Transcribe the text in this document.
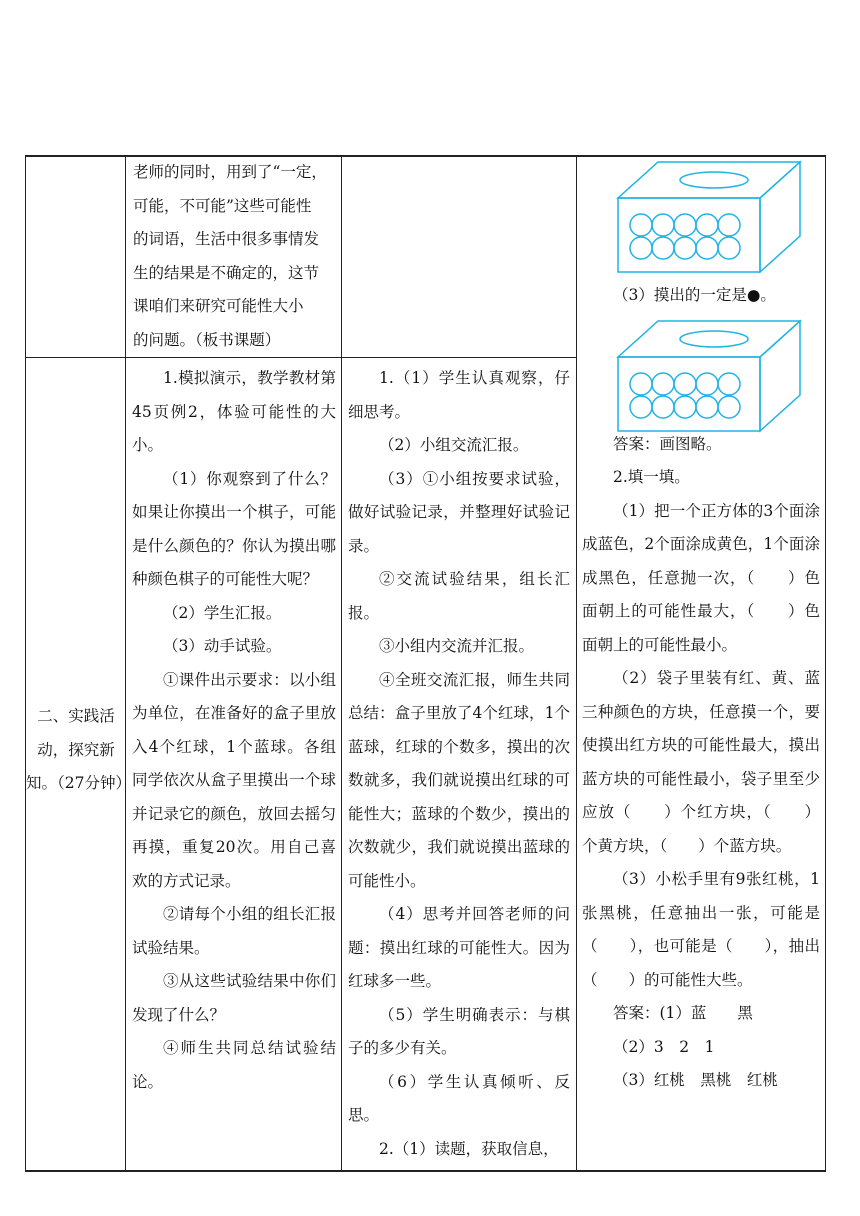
老师的同时，用到了“一定，

可能，不可能”这些可能性

的词语，生活中很多事情发

生的结果是不确定的，这节

课咱们来研究可能性大小

的问题。（板书课题）

二、实践活动，探究新知。（27分钟）

1.模拟演示，教学教材第45页例2，体验可能性的大小。

（1）你观察到了什么？如果让你摸出一个棋子，可能是什么颜色的？你认为摸出哪种颜色棋子的可能性大呢？

（2）学生汇报。

（3）动手试验。

①课件出示要求：以小组为单位，在准备好的盒子里放入4个红球，1个蓝球。各组同学依次从盒子里摸出一个球并记录它的颜色，放回去摇匀再摸，重复20次。用自己喜欢的方式记录。

②请每个小组的组长汇报试验结果。

③从这些试验结果中你们发现了什么？

④师生共同总结试验结论。

1.（1）学生认真观察，仔细思考。

（2）小组交流汇报。

（3）①小组按要求试验，做好试验记录，并整理好试验记录。

②交流试验结果，组长汇报。

③小组内交流并汇报。

④全班交流汇报，师生共同总结：盒子里放了4个红球，1个蓝球，红球的个数多，摸出的次数就多，我们就说摸出红球的可能性大；蓝球的个数少，摸出的次数就少，我们就说摸出蓝球的可能性小。

（4）思考并回答老师的问题：摸出红球的可能性大。因为红球多一些。

（5）学生明确表示：与棋子的多少有关。

（6）学生认真倾听、反思。

2.（1）读题，获取信息，

（3）摸出的一定是●。

答案：画图略。

2.填一填。

（1）把一个正方体的3个面涂成蓝色，2个面涂成黄色，1个面涂成黑色，任意抛一次，（　　）色面朝上的可能性最大，（　　）色面朝上的可能性最小。

（2）袋子里装有红、黄、蓝三种颜色的方块，任意摸一个，要使摸出红方块的可能性最大，摸出蓝方块的可能性最小，袋子里至少应放（　　）个红方块，（　　）个黄方块，（　　）个蓝方块。

（3）小松手里有9张红桃，1张黑桃，任意抽出一张，可能是（　　），也可能是（　　），抽出（　　）的可能性大些。

答案：(1）蓝　　黑

（2）3　2　1

（3）红桃　黑桃　红桃
